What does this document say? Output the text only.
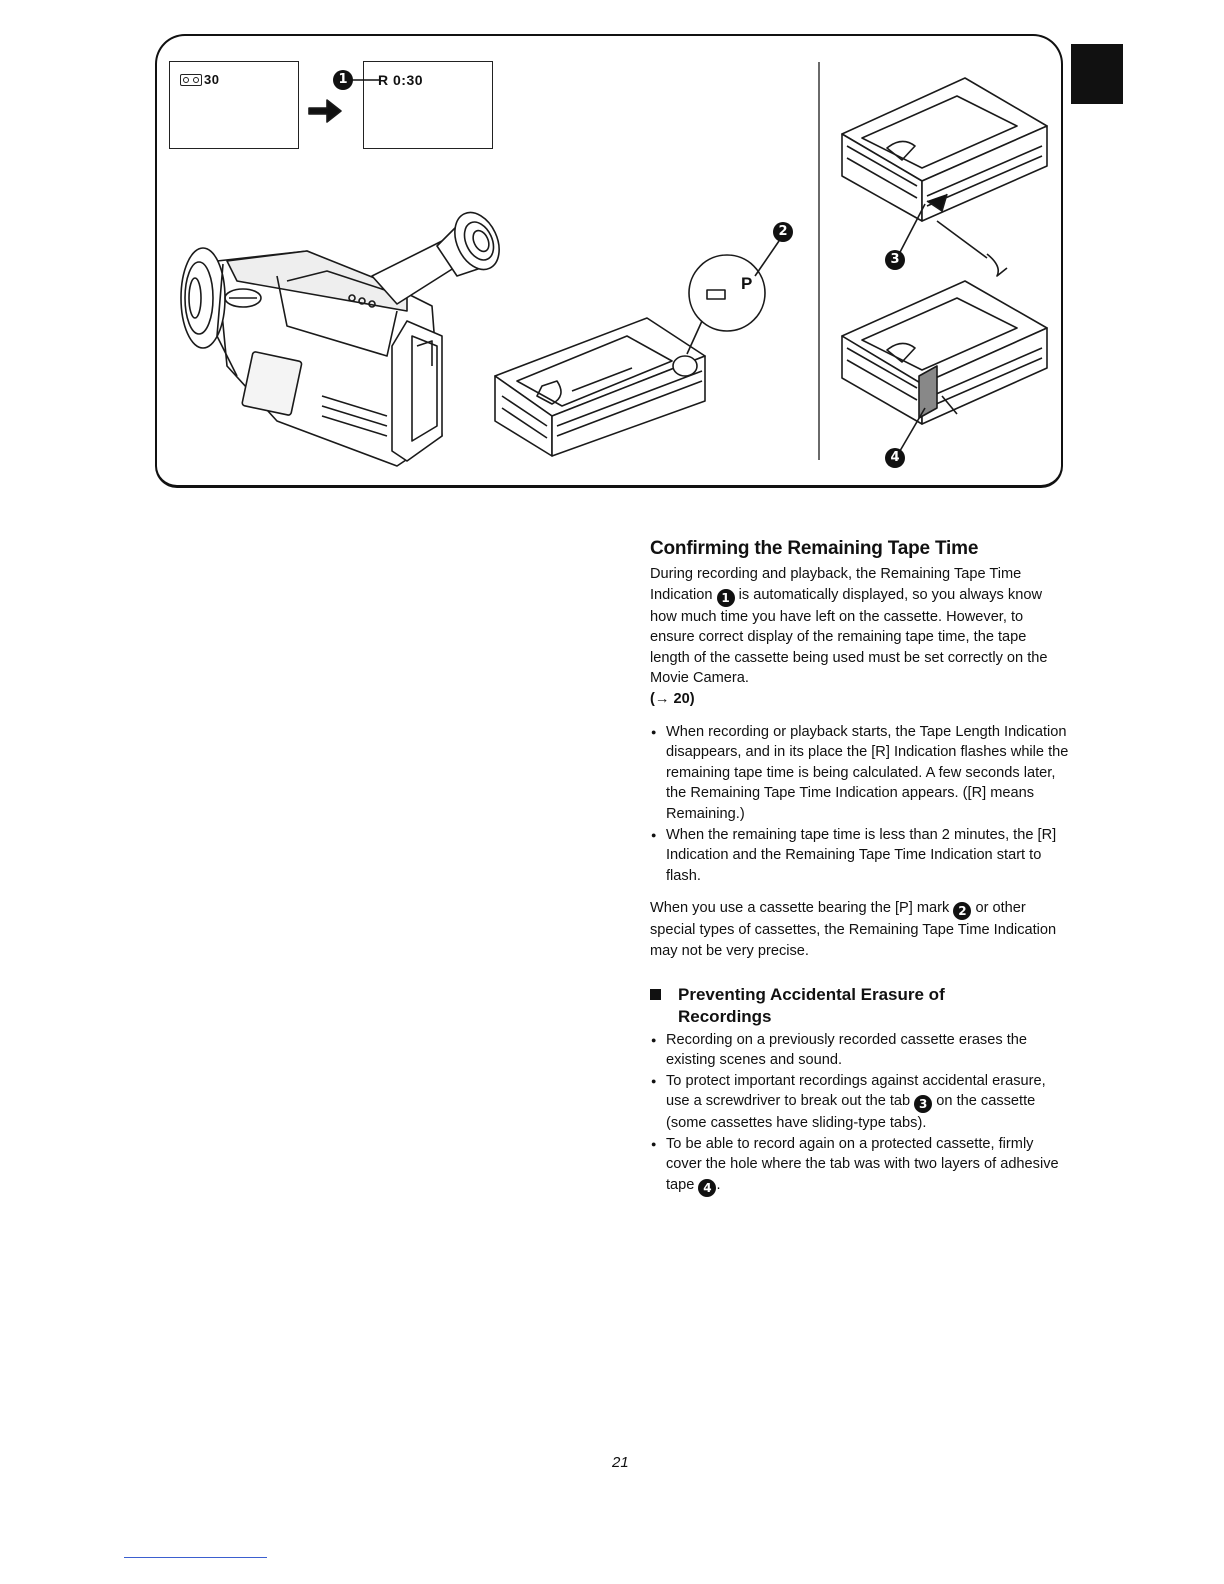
30	R 0:30
1
2
3
4
P
Confirming the Remaining Tape Time

During recording and playback, the Remaining Tape Time Indication 1 is automatically displayed, so you always know how much time you have left on the cassette. However, to ensure correct display of the remaining tape time, the tape length of the cassette being used must be set correctly on the Movie Camera.

(→ 20)

● When recording or playback starts, the Tape Length Indication disappears, and in its place the [R] Indication flashes while the remaining tape time is being calculated. A few seconds later, the Remaining Tape Time Indication appears. ([R] means Remaining.)
● When the remaining tape time is less than 2 minutes, the [R] Indication and the Remaining Tape Time Indication start to flash.

When you use a cassette bearing the [P] mark 2 or other special types of cassettes, the Remaining Tape Time Indication may not be very precise.

Preventing Accidental Erasure of
Recordings
● Recording on a previously recorded cassette erases the existing scenes and sound.
● To protect important recordings against accidental erasure, use a screwdriver to break out the tab 3 on the cassette (some cassettes have sliding-type tabs).
● To be able to record again on a protected cassette, firmly cover the hole where the tab was with two layers of adhesive tape 4 .
21
